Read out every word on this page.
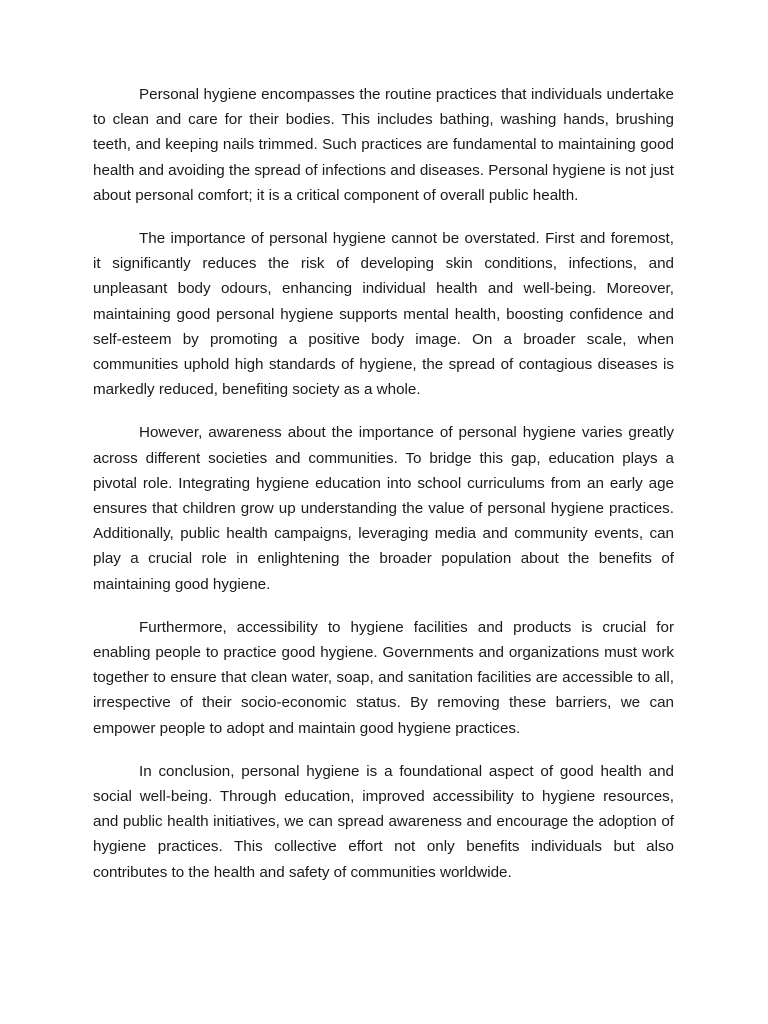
Personal hygiene encompasses the routine practices that individuals undertake to clean and care for their bodies. This includes bathing, washing hands, brushing teeth, and keeping nails trimmed. Such practices are fundamental to maintaining good health and avoiding the spread of infections and diseases. Personal hygiene is not just about personal comfort; it is a critical component of overall public health.

The importance of personal hygiene cannot be overstated. First and foremost, it significantly reduces the risk of developing skin conditions, infections, and unpleasant body odours, enhancing individual health and well-being. Moreover, maintaining good personal hygiene supports mental health, boosting confidence and self-esteem by promoting a positive body image. On a broader scale, when communities uphold high standards of hygiene, the spread of contagious diseases is markedly reduced, benefiting society as a whole.

However, awareness about the importance of personal hygiene varies greatly across different societies and communities. To bridge this gap, education plays a pivotal role. Integrating hygiene education into school curriculums from an early age ensures that children grow up understanding the value of personal hygiene practices. Additionally, public health campaigns, leveraging media and community events, can play a crucial role in enlightening the broader population about the benefits of maintaining good hygiene.

Furthermore, accessibility to hygiene facilities and products is crucial for enabling people to practice good hygiene. Governments and organizations must work together to ensure that clean water, soap, and sanitation facilities are accessible to all, irrespective of their socio-economic status. By removing these barriers, we can empower people to adopt and maintain good hygiene practices.

In conclusion, personal hygiene is a foundational aspect of good health and social well-being. Through education, improved accessibility to hygiene resources, and public health initiatives, we can spread awareness and encourage the adoption of hygiene practices. This collective effort not only benefits individuals but also contributes to the health and safety of communities worldwide.
